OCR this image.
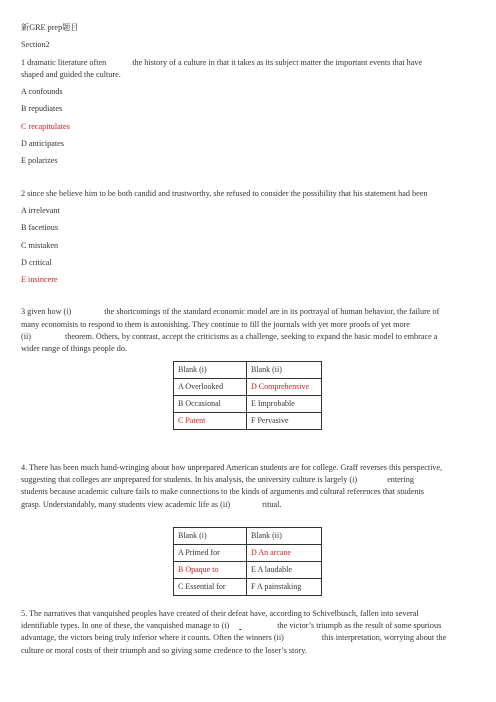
新GRE prep题目
Section2
1 dramatic literature often	the history of a culture in that it takes as its subject matter the important events that have
shaped and guided the culture.
A confounds
B repudiates
C recapitulates
D anticipates
E polarizes
2 since she believe him to be both candid and trustworthy, she refused to consider the possibility that his statement had been
A irrelevant
B facetious
C mistaken
D critical
E insincere
3 given how (i)	the shortcomings of the standard economic model are in its portrayal of human behavior, the failure of
many economists to respond to them is astonishing. They continue to fill the journals with yet more proofs of yet more
(ii)	theorem. Others, by contrast, accept the criticisms as a challenge, seeking to expand the basic model to embrace a
wider range of things people do.
Blank (i)	Blank (ii)
A Overlooked	D Comprehensive
B Occasional	E Improbable
C Patent	F Pervasive
4. There has been much hand-wringing about how unprepared American students are for college. Graff reverses this perspective,
suggesting that colleges are unprepared for students. In his analysis, the university culture is largely (i)	entering
students because academic culture fails to make connections to the kinds of arguments and cultural references that students
grasp. Understandably, many students view academic life as (ii)	ritual.
Blank (i)	Blank (ii)
A Primed for	D An arcane
B Opaque to	E A laudable
C Essential for	F A painstaking
5. The narratives that vanquished peoples have created of their defeat have, according to Schivelbusch, fallen into several
identifiable types. In one of these, the vanquished manage to (i)	the victor’s triumph as the result of some spurious
advantage, the victors being truly inferior where it counts. Often the winners (ii)	this interpretation, worrying about the
culture or moral costs of their triumph and so giving some credence to the loser’s story.
